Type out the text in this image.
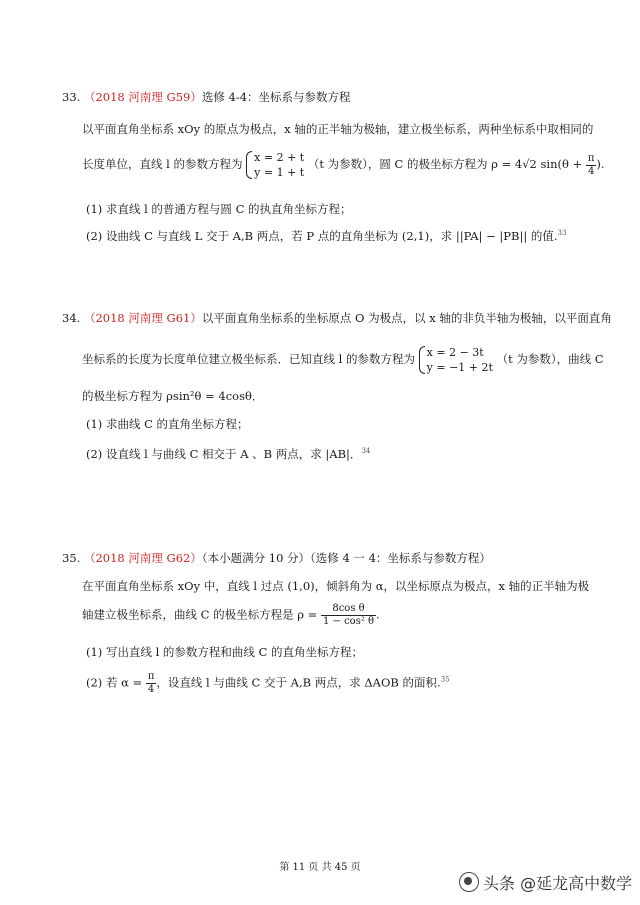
33. （2018 河南理 G59）选修 4-4：坐标系与参数方程
以平面直角坐标系 xOy 的原点为极点，x 轴的正半轴为极轴，建立极坐标系，两种坐标系中取相同的
长度单位，直线 l 的参数方程为 x = 2 + t
y = 1 + t
（t 为参数），圆 C 的极坐标方程为 ρ = 4√2 $\sin(\theta + \frac{\pi}{4}$ ).
(1) 求直线 l 的普通方程与圆 C 的执直角坐标方程；
(2) 设曲线 C 与直线 L 交于 A,B 两点，若 P 点的直角坐标为 (2,1)，求 ||PA| − |PB|| 的值.$^{33}$
34. （2018 河南理 G61）以平面直角坐标系的坐标原点 O 为极点，以 x 轴的非负半轴为极轴，以平面直角
坐标系的长度为长度单位建立极坐标系．已知直线 l 的参数方程为 x = 2 − 3t
y = −1 + 2t
（t 为参数），曲线 C
的极坐标方程为 ρsin²θ = 4cosθ．
(1) 求曲线 C 的直角坐标方程；
(2) 设直线 l 与曲线 C 相交于 A 、B 两点，求 |AB|．$^{34}$
35. （2018 河南理 G62）（本小题满分 10 分）（选修 4 一 4：坐标系与参数方程）
在平面直角坐标系 xOy 中，直线 l 过点 (1,0)，倾斜角为 α，以坐标原点为极点，x 轴的正半轴为极
轴建立极坐标系，曲线 C 的极坐标方程是 $\rho = \frac{\text{8cos θ}}{\text{1 − cos² θ}}$ .
(1) 写出直线 l 的参数方程和曲线 C 的直角坐标方程；
(2) 若 $\alpha = \frac{\pi}{4}$ ，设直线 l 与曲线 C 交于 A,B 两点，求 ΔAOB 的面积.$^{35}$
第 11 页 共 45 页
头条 @延龙高中数学
